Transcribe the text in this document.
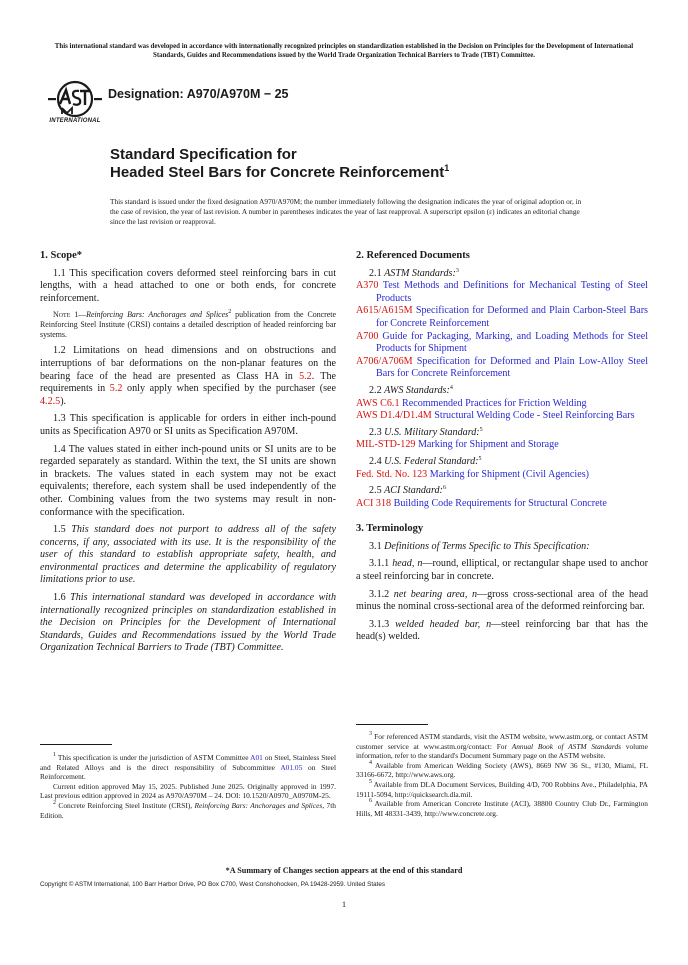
This international standard was developed in accordance with internationally recognized principles on standardization established in the Decision on Principles for the Development of International Standards, Guides and Recommendations issued by the World Trade Organization Technical Barriers to Trade (TBT) Committee.
INTERNATIONAL
Designation: A970/A970M − 25
Standard Specification for
Headed Steel Bars for Concrete Reinforcement$^1$
This standard is issued under the fixed designation A970/A970M; the number immediately following the designation indicates the year of original adoption or, in the case of revision, the year of last revision. A number in parentheses indicates the year of last reapproval. A superscript epsilon (ε) indicates an editorial change since the last revision or reapproval.
1. Scope*

1.1 This specification covers deformed steel reinforcing bars in cut lengths, with a head attached to one or both ends, for concrete reinforcement.

Note 1—Reinforcing Bars: Anchorages and Splices$^2$ publication from the Concrete Reinforcing Steel Institute (CRSI) contains a detailed description of headed reinforcing bar systems.

1.2 Limitations on head dimensions and on obstructions and interruptions of bar deformations on the non-planar features on the bearing face of the head are presented as Class HA in 5.2. The requirements in 5.2 only apply when specified by the purchaser (see 4.2.5).

1.3 This specification is applicable for orders in either inch-pound units as Specification A970 or SI units as Specification A970M.

1.4 The values stated in either inch-pound units or SI units are to be regarded separately as standard. Within the text, the SI units are shown in brackets. The values stated in each system may not be exact equivalents; therefore, each system shall be used independently of the other. Combining values from the two systems may result in non-conformance with the specification.

1.5 This standard does not purport to address all of the safety concerns, if any, associated with its use. It is the responsibility of the user of this standard to establish appropriate safety, health, and environmental practices and determine the applicability of regulatory limitations prior to use.

1.6 This international standard was developed in accordance with internationally recognized principles on standardization established in the Decision on Principles for the Development of International Standards, Guides and Recommendations issued by the World Trade Organization Technical Barriers to Trade (TBT) Committee.

2. Referenced Documents

2.1 ASTM Standards:$^3$

A370 Test Methods and Definitions for Mechanical Testing of Steel Products

A615/A615M Specification for Deformed and Plain Carbon-Steel Bars for Concrete Reinforcement

A700 Guide for Packaging, Marking, and Loading Methods for Steel Products for Shipment

A706/A706M Specification for Deformed and Plain Low-Alloy Steel Bars for Concrete Reinforcement

2.2 AWS Standards:$^4$

AWS C6.1 Recommended Practices for Friction Welding

AWS D1.4/D1.4M Structural Welding Code - Steel Reinforcing Bars

2.3 U.S. Military Standard:$^5$

MIL-STD-129 Marking for Shipment and Storage

2.4 U.S. Federal Standard:$^5$

Fed. Std. No. 123 Marking for Shipment (Civil Agencies)

2.5 ACI Standard:$^6$

ACI 318 Building Code Requirements for Structural Concrete

3. Terminology

3.1 Definitions of Terms Specific to This Specification:

3.1.1 head, n—round, elliptical, or rectangular shape used to anchor a steel reinforcing bar in concrete.

3.1.2 net bearing area, n—gross cross-sectional area of the head minus the nominal cross-sectional area of the deformed reinforcing bar.

3.1.3 welded headed bar, n—steel reinforcing bar that has the head(s) welded.

$^1$ This specification is under the jurisdiction of ASTM Committee A01 on Steel, Stainless Steel and Related Alloys and is the direct responsibility of Subcommittee A01.05 on Steel Reinforcement.

Current edition approved May 15, 2025. Published June 2025. Originally approved in 1997. Last previous edition approved in 2024 as A970/A970M – 24. DOI: 10.1520/A0970_A0970M-25.

$^2$ Concrete Reinforcing Steel Institute (CRSI), Reinforcing Bars: Anchorages and Splices, 7th Edition.

$^3$ For referenced ASTM standards, visit the ASTM website, www.astm.org, or contact ASTM customer service at www.astm.org/contact: For Annual Book of ASTM Standards volume information, refer to the standard's Document Summary page on the ASTM website.

$^4$ Available from American Welding Society (AWS), 8669 NW 36 St., #130, Miami, FL 33166-6672, http://www.aws.org.

$^5$ Available from DLA Document Services, Building 4/D, 700 Robbins Ave., Philadelphia, PA 19111-5094, http://quicksearch.dla.mil.

$^6$ Available from American Concrete Institute (ACI), 38800 Country Club Dr., Farmington Hills, MI 48331-3439, http://www.concrete.org.

*A Summary of Changes section appears at the end of this standard
Copyright © ASTM International, 100 Barr Harbor Drive, PO Box C700, West Conshohocken, PA 19428-2959. United States
1
